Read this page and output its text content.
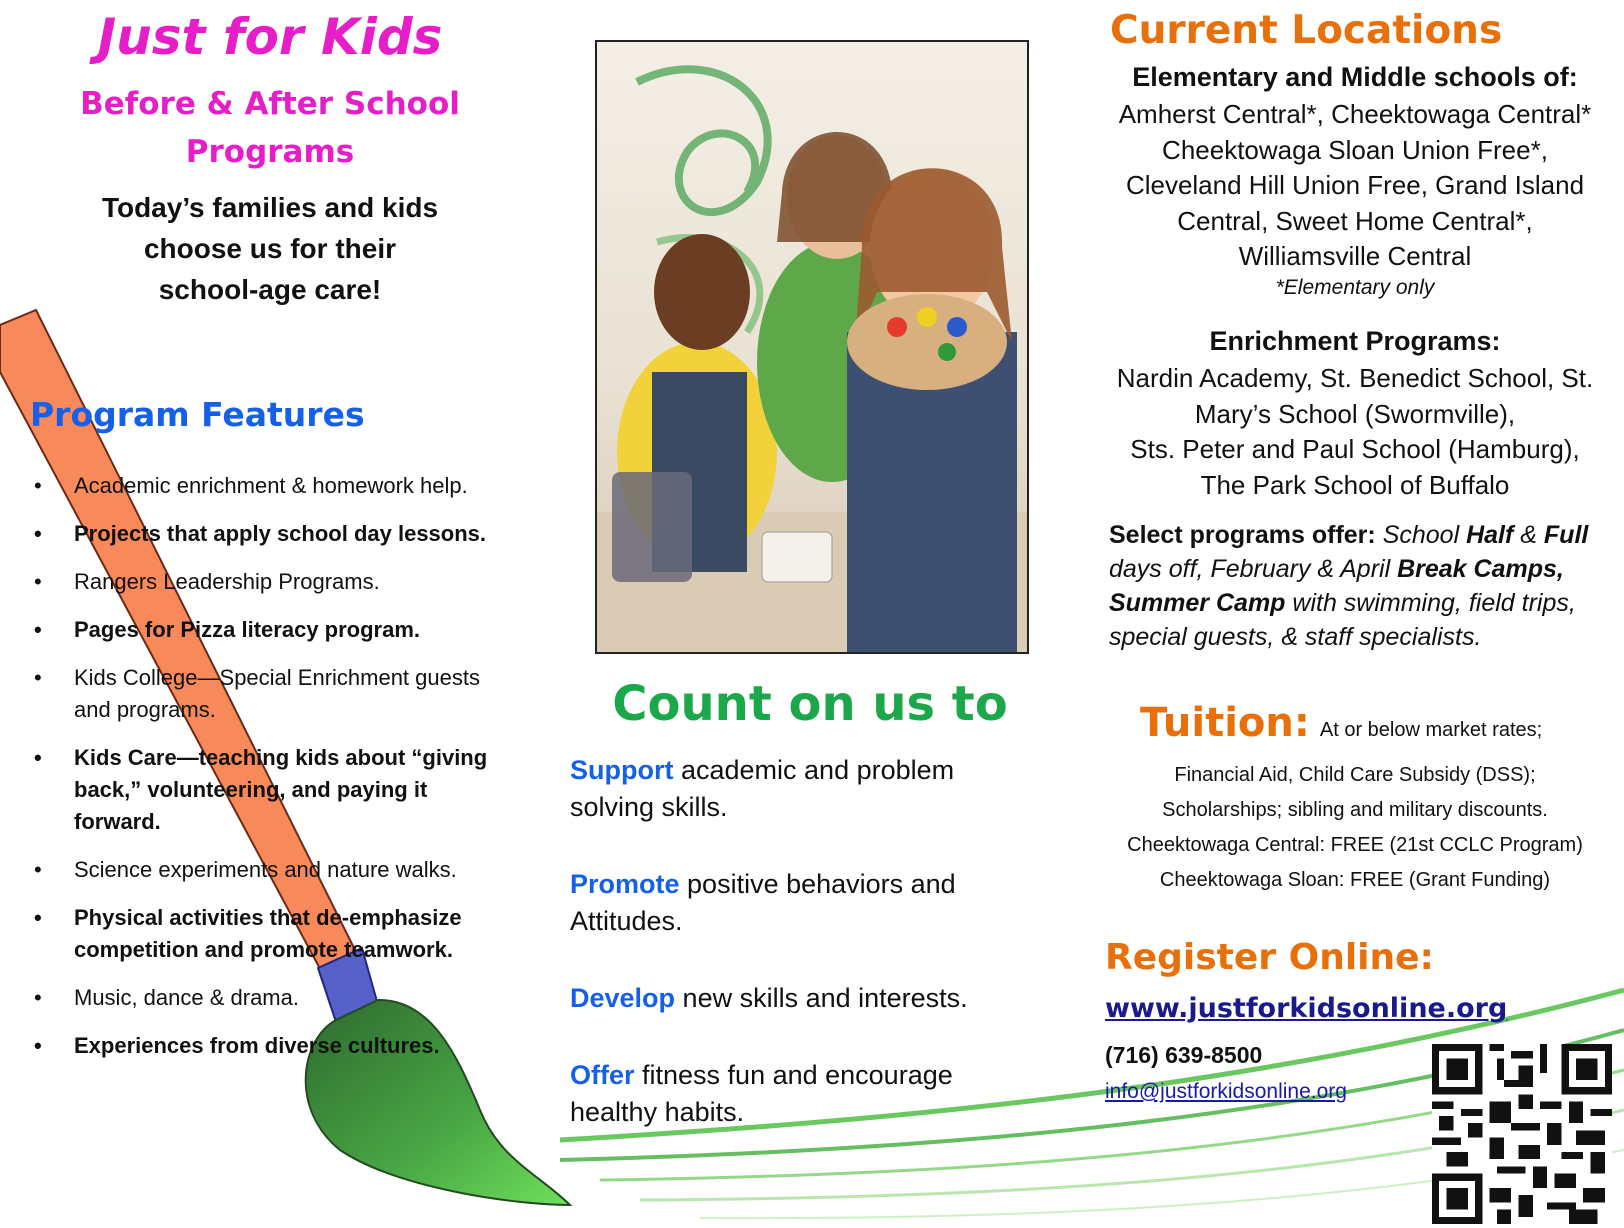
Just for Kids
Before & After School
Programs
Today’s families and kids
choose us for their
school-age care!
Program Features
• Academic enrichment & homework help.
• Projects that apply school day lessons.
• Rangers Leadership Programs.
• Pages for Pizza literacy program.
• Kids College—Special Enrichment guests and programs.
• Kids Care—teaching kids about “giving back,” volunteering, and paying it forward.
• Science experiments and nature walks.
• Physical activities that de-emphasize competition and promote teamwork.
• Music, dance & drama.
• Experiences from diverse cultures.
Count on us to

Support academic and problem solving skills.

Promote positive behaviors and Attitudes.

Develop new skills and interests.

Offer fitness fun and encourage healthy habits.

Current Locations

Elementary and Middle schools of:

Amherst Central*, Cheektowaga Central*
Cheektowaga Sloan Union Free*,
Cleveland Hill Union Free, Grand Island
Central, Sweet Home Central*,
Williamsville Central

*Elementary only

Enrichment Programs:

Nardin Academy, St. Benedict School, St.
Mary’s School (Swormville),
Sts. Peter and Paul School (Hamburg),
The Park School of Buffalo

Select programs offer: School Half & Full days off, February & April Break Camps, Summer Camp with swimming, field trips, special guests, & staff specialists.

Tuition: At or below market rates;

Financial Aid, Child Care Subsidy (DSS);
Scholarships; sibling and military discounts.
Cheektowaga Central: FREE (21st CCLC Program)
Cheektowaga Sloan: FREE (Grant Funding)
Register Online:
www.justforkidsonline.org

(716) 639-8500

info@justforkidsonline.org
